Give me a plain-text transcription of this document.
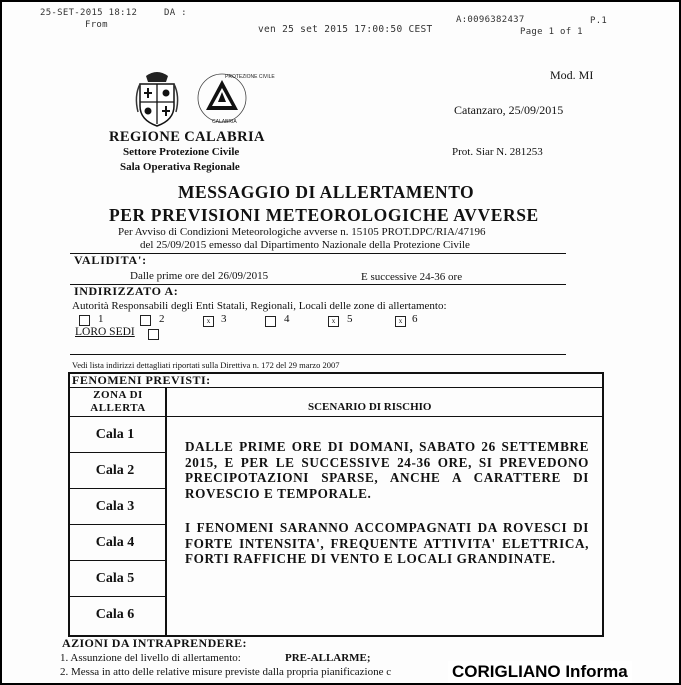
25-SET-2015 18:12	DA :
From	ven 25 set 2015 17:00:50 CEST
A:0096382437	P.1
Page 1 of 1
PROTEZIONE CIVILE
CALABRIA
Mod. MI
Catanzaro, 25/09/2015
REGIONE CALABRIA
Settore Protezione Civile
Sala Operativa Regionale
Prot. Siar N. 281253
MESSAGGIO DI ALLERTAMENTO
PER PREVISIONI METEOROLOGICHE AVVERSE
Per Avviso di Condizioni Meteorologiche avverse n. 15105 PROT.DPC/RIA/47196
del 25/09/2015 emesso dal Dipartimento Nazionale della Protezione Civile
VALIDITA':
Dalle prime ore del 26/09/2015	E successive 24-36 ore
INDIRIZZATO A:
Autorità Responsabili degli Enti Statali, Regionali, Locali delle zone di allertamento:
1	2	x 3	4	x	5	x 6
LORO SEDI
Vedi lista indirizzi dettagliati riportati sulla Direttiva n. 172 del 29 marzo 2007
FENOMENI PREVISTI:
ZONA DI ALLERTA	SCENARIO DI RISCHIO
Cala 1
Cala 2
Cala 3
Cala 4
Cala 5
Cala 6
DALLE PRIME ORE DI DOMANI, SABATO 26 SETTEMBRE 2015, E PER LE SUCCESSIVE 24-36 ORE, SI PREVEDONO PRECIPOTAZIONI SPARSE, ANCHE A CARATTERE DI ROVESCIO E TEMPORALE.
I FENOMENI SARANNO ACCOMPAGNATI DA ROVESCI DI FORTE INTENSITA', FREQUENTE ATTIVITA' ELETTRICA, FORTI RAFFICHE DI VENTO E LOCALI GRANDINATE.
AZIONI DA INTRAPRENDERE:
1. Assunzione del livello di allertamento:	PRE-ALLARME;
2. Messa in atto delle relative misure previste dalla propria pianificazione c	CORIGLIANO Informa
